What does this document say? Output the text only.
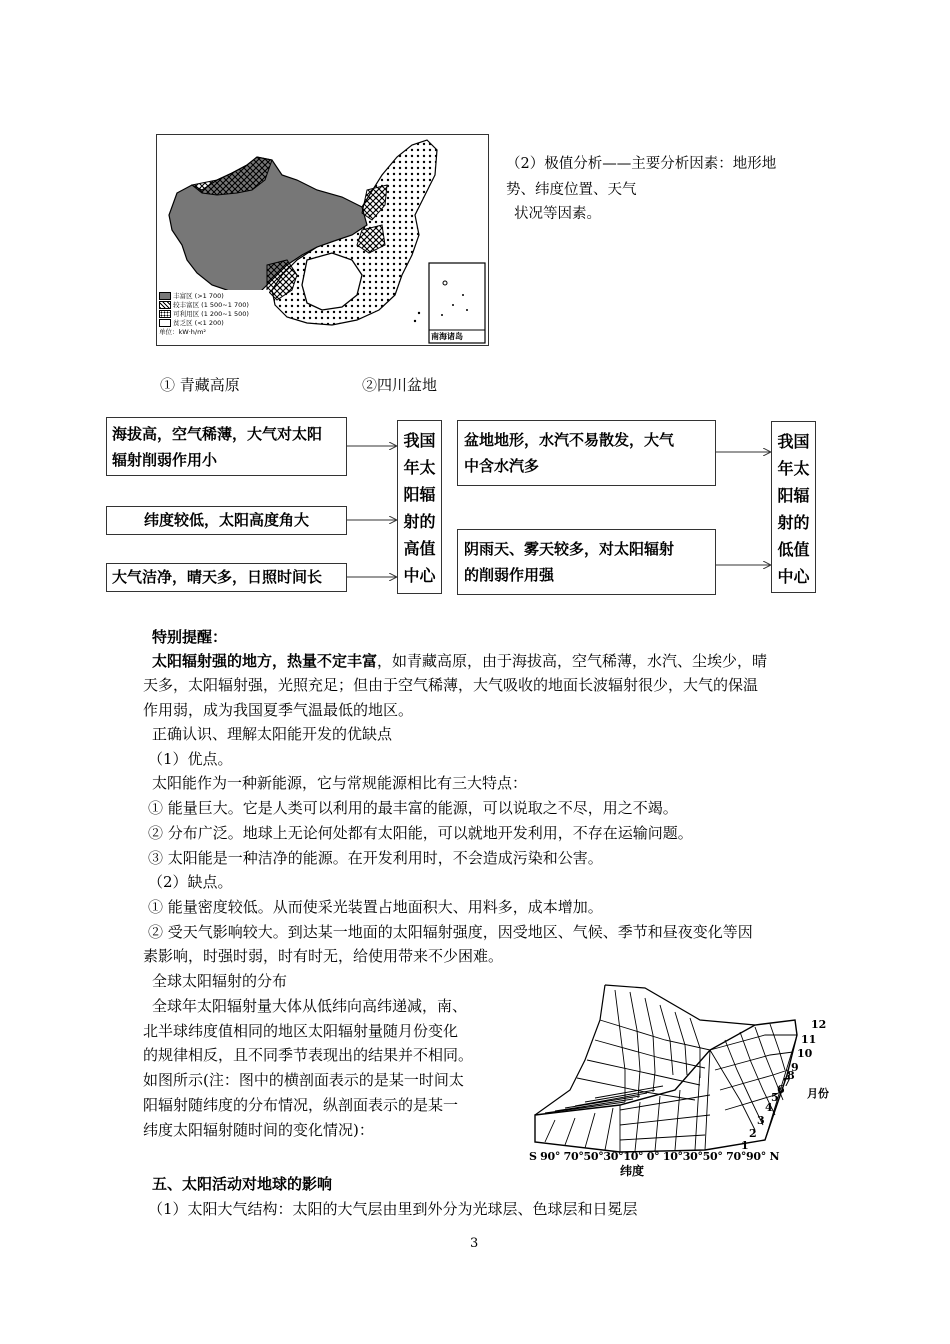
丰富区 (>1 700)
较丰富区 (1 500~1 700)
可利用区 (1 200~1 500)
贫乏区 (<1 200)
单位：kW·h/m²	南海诸岛
（2）极值分析——主要分析因素：地形地
势、纬度位置、天气
状况等因素。
① 青藏高原	②四川盆地
海拔高，空气稀薄，大气对太阳
辐射削弱作用小
纬度较低，太阳高度角大
大气洁净，晴天多，日照时间长
我国
年太
阳辐
射的
高值
中心
盆地地形，水汽不易散发，大气
中含水汽多
阴雨天、雾天较多，对太阳辐射
的削弱作用强
我国
年太
阳辐
射的
低值
中心
特别提醒：
太阳辐射强的地方，热量不定丰富，如青藏高原，由于海拔高，空气稀薄，水汽、尘埃少，晴
天多，太阳辐射强，光照充足；但由于空气稀薄，大气吸收的地面长波辐射很少，大气的保温
作用弱，成为我国夏季气温最低的地区。
正确认识、理解太阳能开发的优缺点
（1）优点。
太阳能作为一种新能源，它与常规能源相比有三大特点：
① 能量巨大。它是人类可以利用的最丰富的能源，可以说取之不尽，用之不竭。
② 分布广泛。地球上无论何处都有太阳能，可以就地开发利用，不存在运输问题。
③ 太阳能是一种洁净的能源。在开发利用时，不会造成污染和公害。
（2）缺点。
① 能量密度较低。从而使采光装置占地面积大、用料多，成本增加。
② 受天气影响较大。到达某一地面的太阳辐射强度，因受地区、气候、季节和昼夜变化等因
素影响，时强时弱，时有时无，给使用带来不少困难。
全球太阳辐射的分布
全球年太阳辐射量大体从低纬向高纬递减，南、
北半球纬度值相同的地区太阳辐射量随月份变化
的规律相反，且不同季节表现出的结果并不相同。
如图所示(注：图中的横剖面表示的是某一时间太
阳辐射随纬度的分布情况，纵剖面表示的是某一
纬度太阳辐射随时间的变化情况)：
1
2
3
4
5
6
7
8
9
10
11
12
月份
S 90° 70°50°30°10° 0° 10°30°50° 70°90° N
纬度
五、太阳活动对地球的影响
（1）太阳大气结构：太阳的大气层由里到外分为光球层、色球层和日冕层
3
